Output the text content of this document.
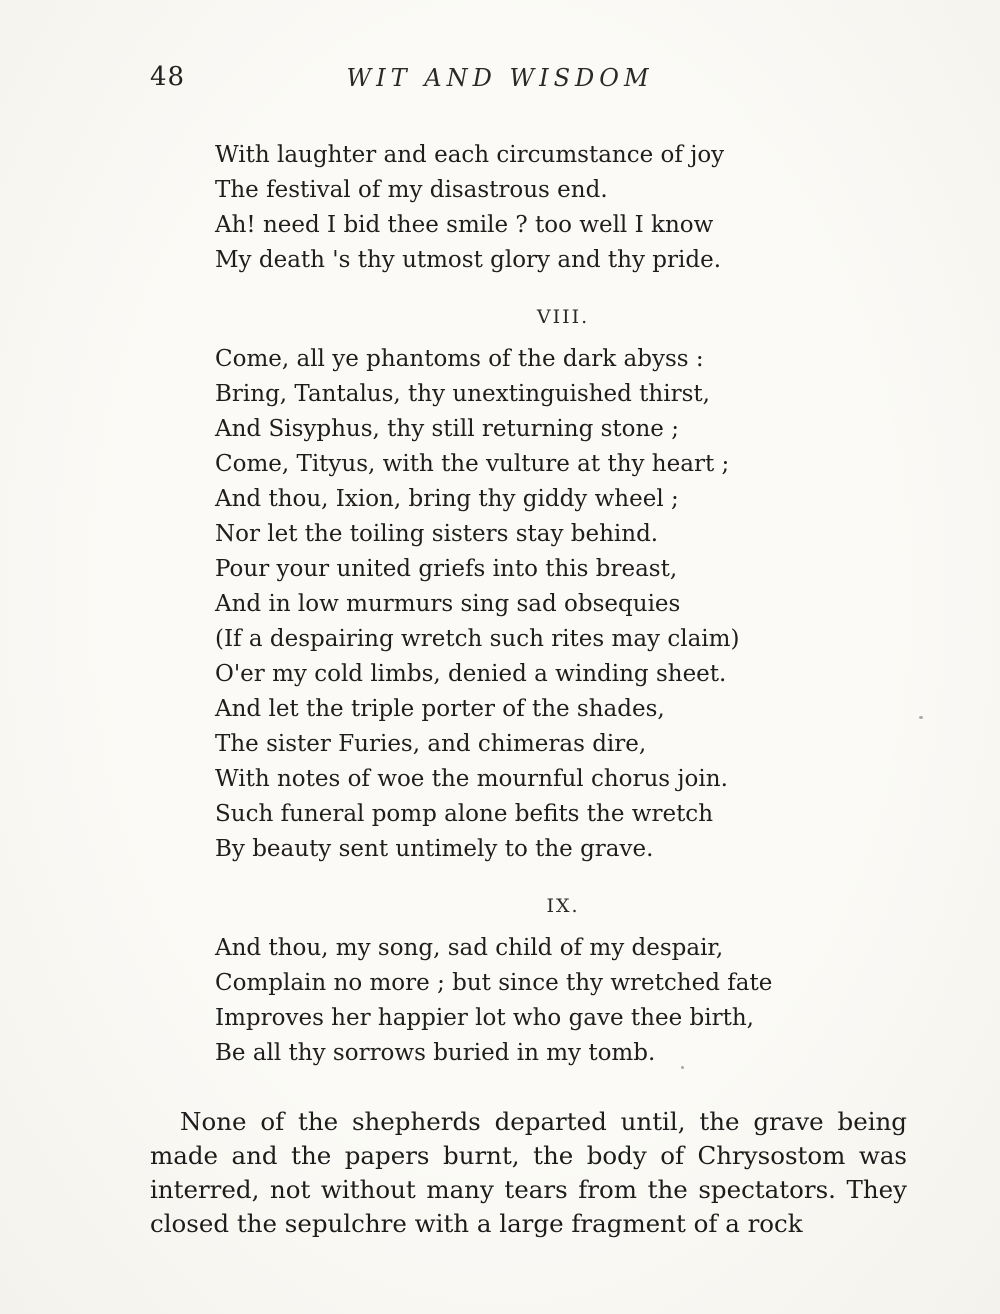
48	WIT AND WISDOM
With laughter and each circumstance of joy
The festival of my disastrous end.
Ah! need I bid thee smile ? too well I know
My death 's thy utmost glory and thy pride.
VIII.
Come, all ye phantoms of the dark abyss :
Bring, Tantalus, thy unextinguished thirst,
And Sisyphus, thy still returning stone ;
Come, Tityus, with the vulture at thy heart ;
And thou, Ixion, bring thy giddy wheel ;
Nor let the toiling sisters stay behind.
Pour your united griefs into this breast,
And in low murmurs sing sad obsequies
(If a despairing wretch such rites may claim)
O'er my cold limbs, denied a winding sheet.
And let the triple porter of the shades,
The sister Furies, and chimeras dire,
With notes of woe the mournful chorus join.
Such funeral pomp alone befits the wretch
By beauty sent untimely to the grave.
IX.
And thou, my song, sad child of my despair,
Complain no more ; but since thy wretched fate
Improves her happier lot who gave thee birth,
Be all thy sorrows buried in my tomb.

None of the shepherds departed until, the grave being made and the papers burnt, the body of Chrysostom was interred, not without many tears from the spectators. They closed the sepulchre with a large fragment of a rock
